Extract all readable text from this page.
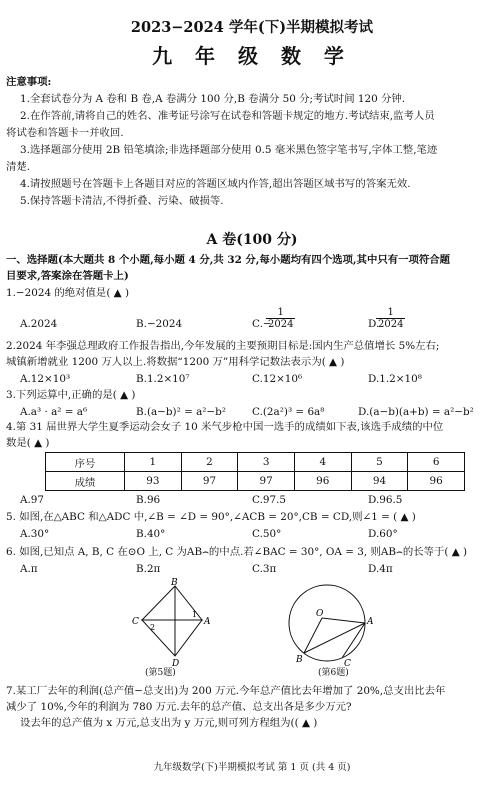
2023−2024 学年(下)半期模拟考试
九 年 级 数 学
注意事项:
1.全套试卷分为 A 卷和 B 卷,A 卷满分 100 分,B 卷满分 50 分;考试时间 120 分钟.
2.在作答前,请将自己的姓名、准考证号涂写在试卷和答题卡规定的地方.考试结束,监考人员
将试卷和答题卡一并收回.
3.选择题部分使用 2B 铅笔填涂;非选择题部分使用 0.5 毫米黑色签字笔书写,字体工整,笔迹
清楚.
4.请按照题号在答题卡上各题目对应的答题区域内作答,超出答题区域书写的答案无效.
5.保持答题卡清洁,不得折叠、污染、破损等.
A 卷(100 分)
一、选择题(本大题共 8 个小题,每小题 4 分,共 32 分,每小题均有四个选项,其中只有一项符合题
目要求,答案涂在答题卡上)
1.−2024 的绝对值是( ▲ )
A.2024	B.−2024	C.−
$\frac{1}{2024}$	D.
$\frac{1}{2024}$
2.2024 年李强总理政府工作报告指出,今年发展的主要预期目标是:国内生产总值增长 5%左右;
城镇新增就业 1200 万人以上.将数据“1200 万”用科学记数法表示为( ▲ )
A.12×10³	B.1.2×10⁷	C.12×10⁶	D.1.2×10⁸
3.下列运算中,正确的是( ▲ )
A.a³ · a² = a⁶	B.(a−b)² = a²−b²	C.(2a²)³ = 6a⁸	D.(a−b)(a+b) = a²−b²
4.第 31 届世界大学生夏季运动会女子 10 米气步枪中国一选手的成绩如下表,该选手成绩的中位
数是( ▲ )
序号	1	2	3	4	5	6
成绩	93	97	97	96	94	96
A.97	B.96	C.97.5	D.96.5
5. 如图,在△ABC 和△ADC 中,∠B = ∠D = 90°,∠ACB = 20°,CB = CD,则∠1 = ( ▲ )
A.30°	B.40°	C.50°	D.60°
6. 如图,已知点 A, B, C 在⊙O 上, C 为AB⌢的中点.若∠BAC = 30°, OA = 3, 则AB⌢的长等于( ▲ )
A.π	B.2π	C.3π	D.4π
B
C	A
D
1
2
(第5题)
O
A
B	C
(第6题)
7.某工厂去年的利润(总产值−总支出)为 200 万元.今年总产值比去年增加了 20%,总支出比去年
减少了 10%,今年的利润为 780 万元.去年的总产值、总支出各是多少万元?
设去年的总产值为 x 万元,总支出为 y 万元,则可列方程组为(( ▲ )
九年级数学(下)半期模拟考试 第 1 页 (共 4 页)
